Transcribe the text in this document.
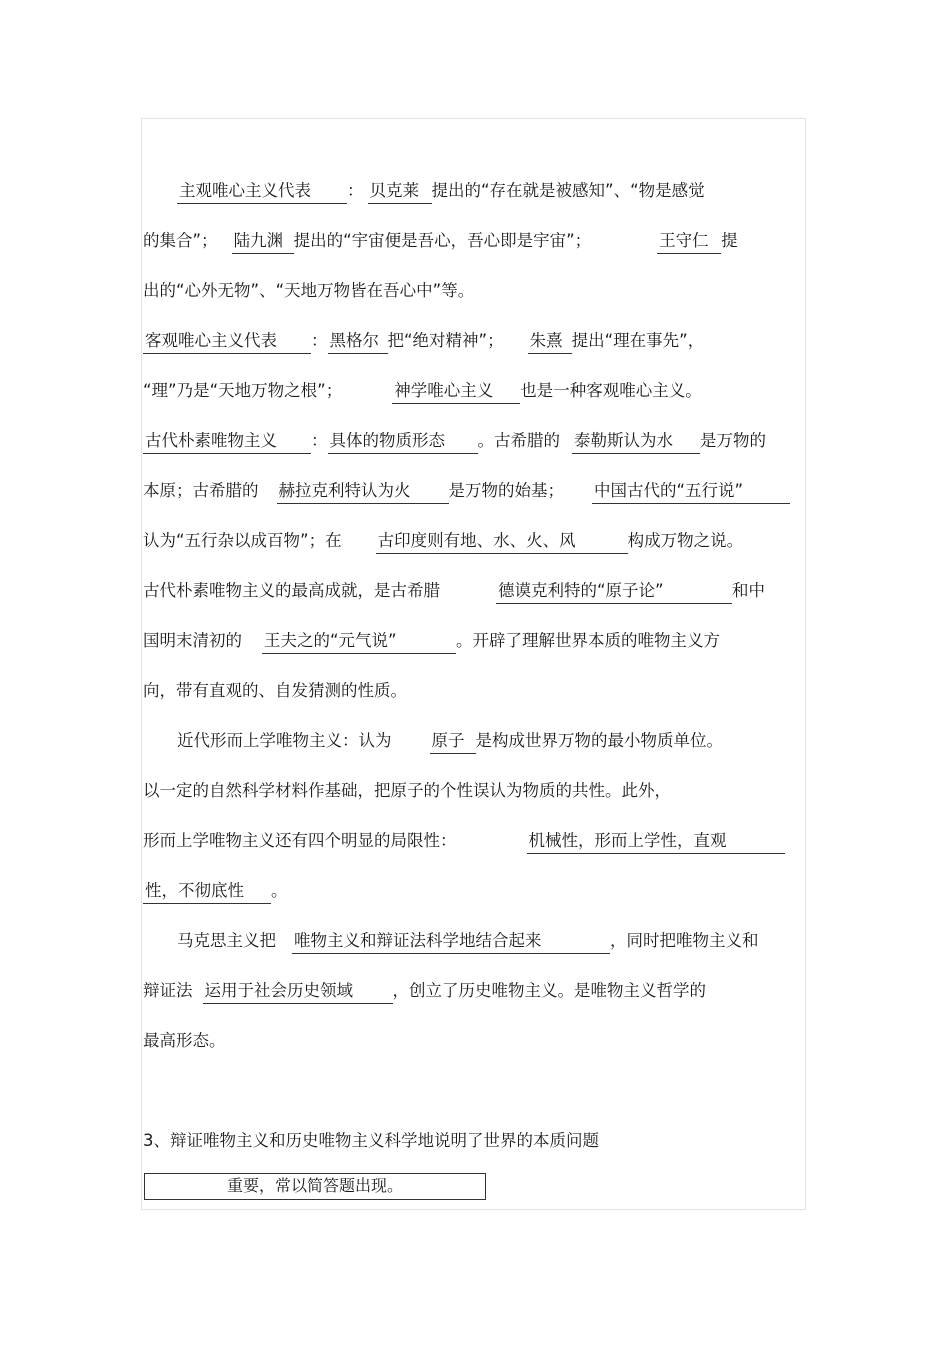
主观唯心主义代表 ： 贝克莱 提出的“存在就是被感知”、“物是感觉
的集合”； 陆九渊 提出的“宇宙便是吾心，吾心即是宇宙”；	王守仁 提
出的“心外无物”、“天地万物皆在吾心中”等。
客观唯心主义代表 ： 黑格尔 把“绝对精神”； 朱熹 提出“理在事先”，
“理”乃是“天地万物之根”；	神学唯心主义 也是一种客观唯心主义。
古代朴素唯物主义 ： 具体的物质形态 。古希腊的 泰勒斯认为水 是万物的
本原；古希腊的 赫拉克利特认为火 是万物的始基； 中国古代的“五行说”
认为“五行杂以成百物”；在 古印度则有地、水、火、风	构成万物之说。
古代朴素唯物主义的最高成就，是古希腊	德谟克利特的“原子论”	和中
国明末清初的 王夫之的“元气说”	。开辟了理解世界本质的唯物主义方
向，带有直观的、自发猜测的性质。
近代形而上学唯物主义：认为 原子 是构成世界万物的最小物质单位。
以一定的自然科学材料作基础，把原子的个性误认为物质的共性。此外，
形而上学唯物主义还有四个明显的局限性：	机械性，形而上学性，直观
性，不彻底性 。
马克思主义把 唯物主义和辩证法科学地结合起来	，同时把唯物主义和
辩证法 运用于社会历史领域 ，创立了历史唯物主义。是唯物主义哲学的
最高形态。
3、辩证唯物主义和历史唯物主义科学地说明了世界的本质问题
重要，常以简答题出现。
